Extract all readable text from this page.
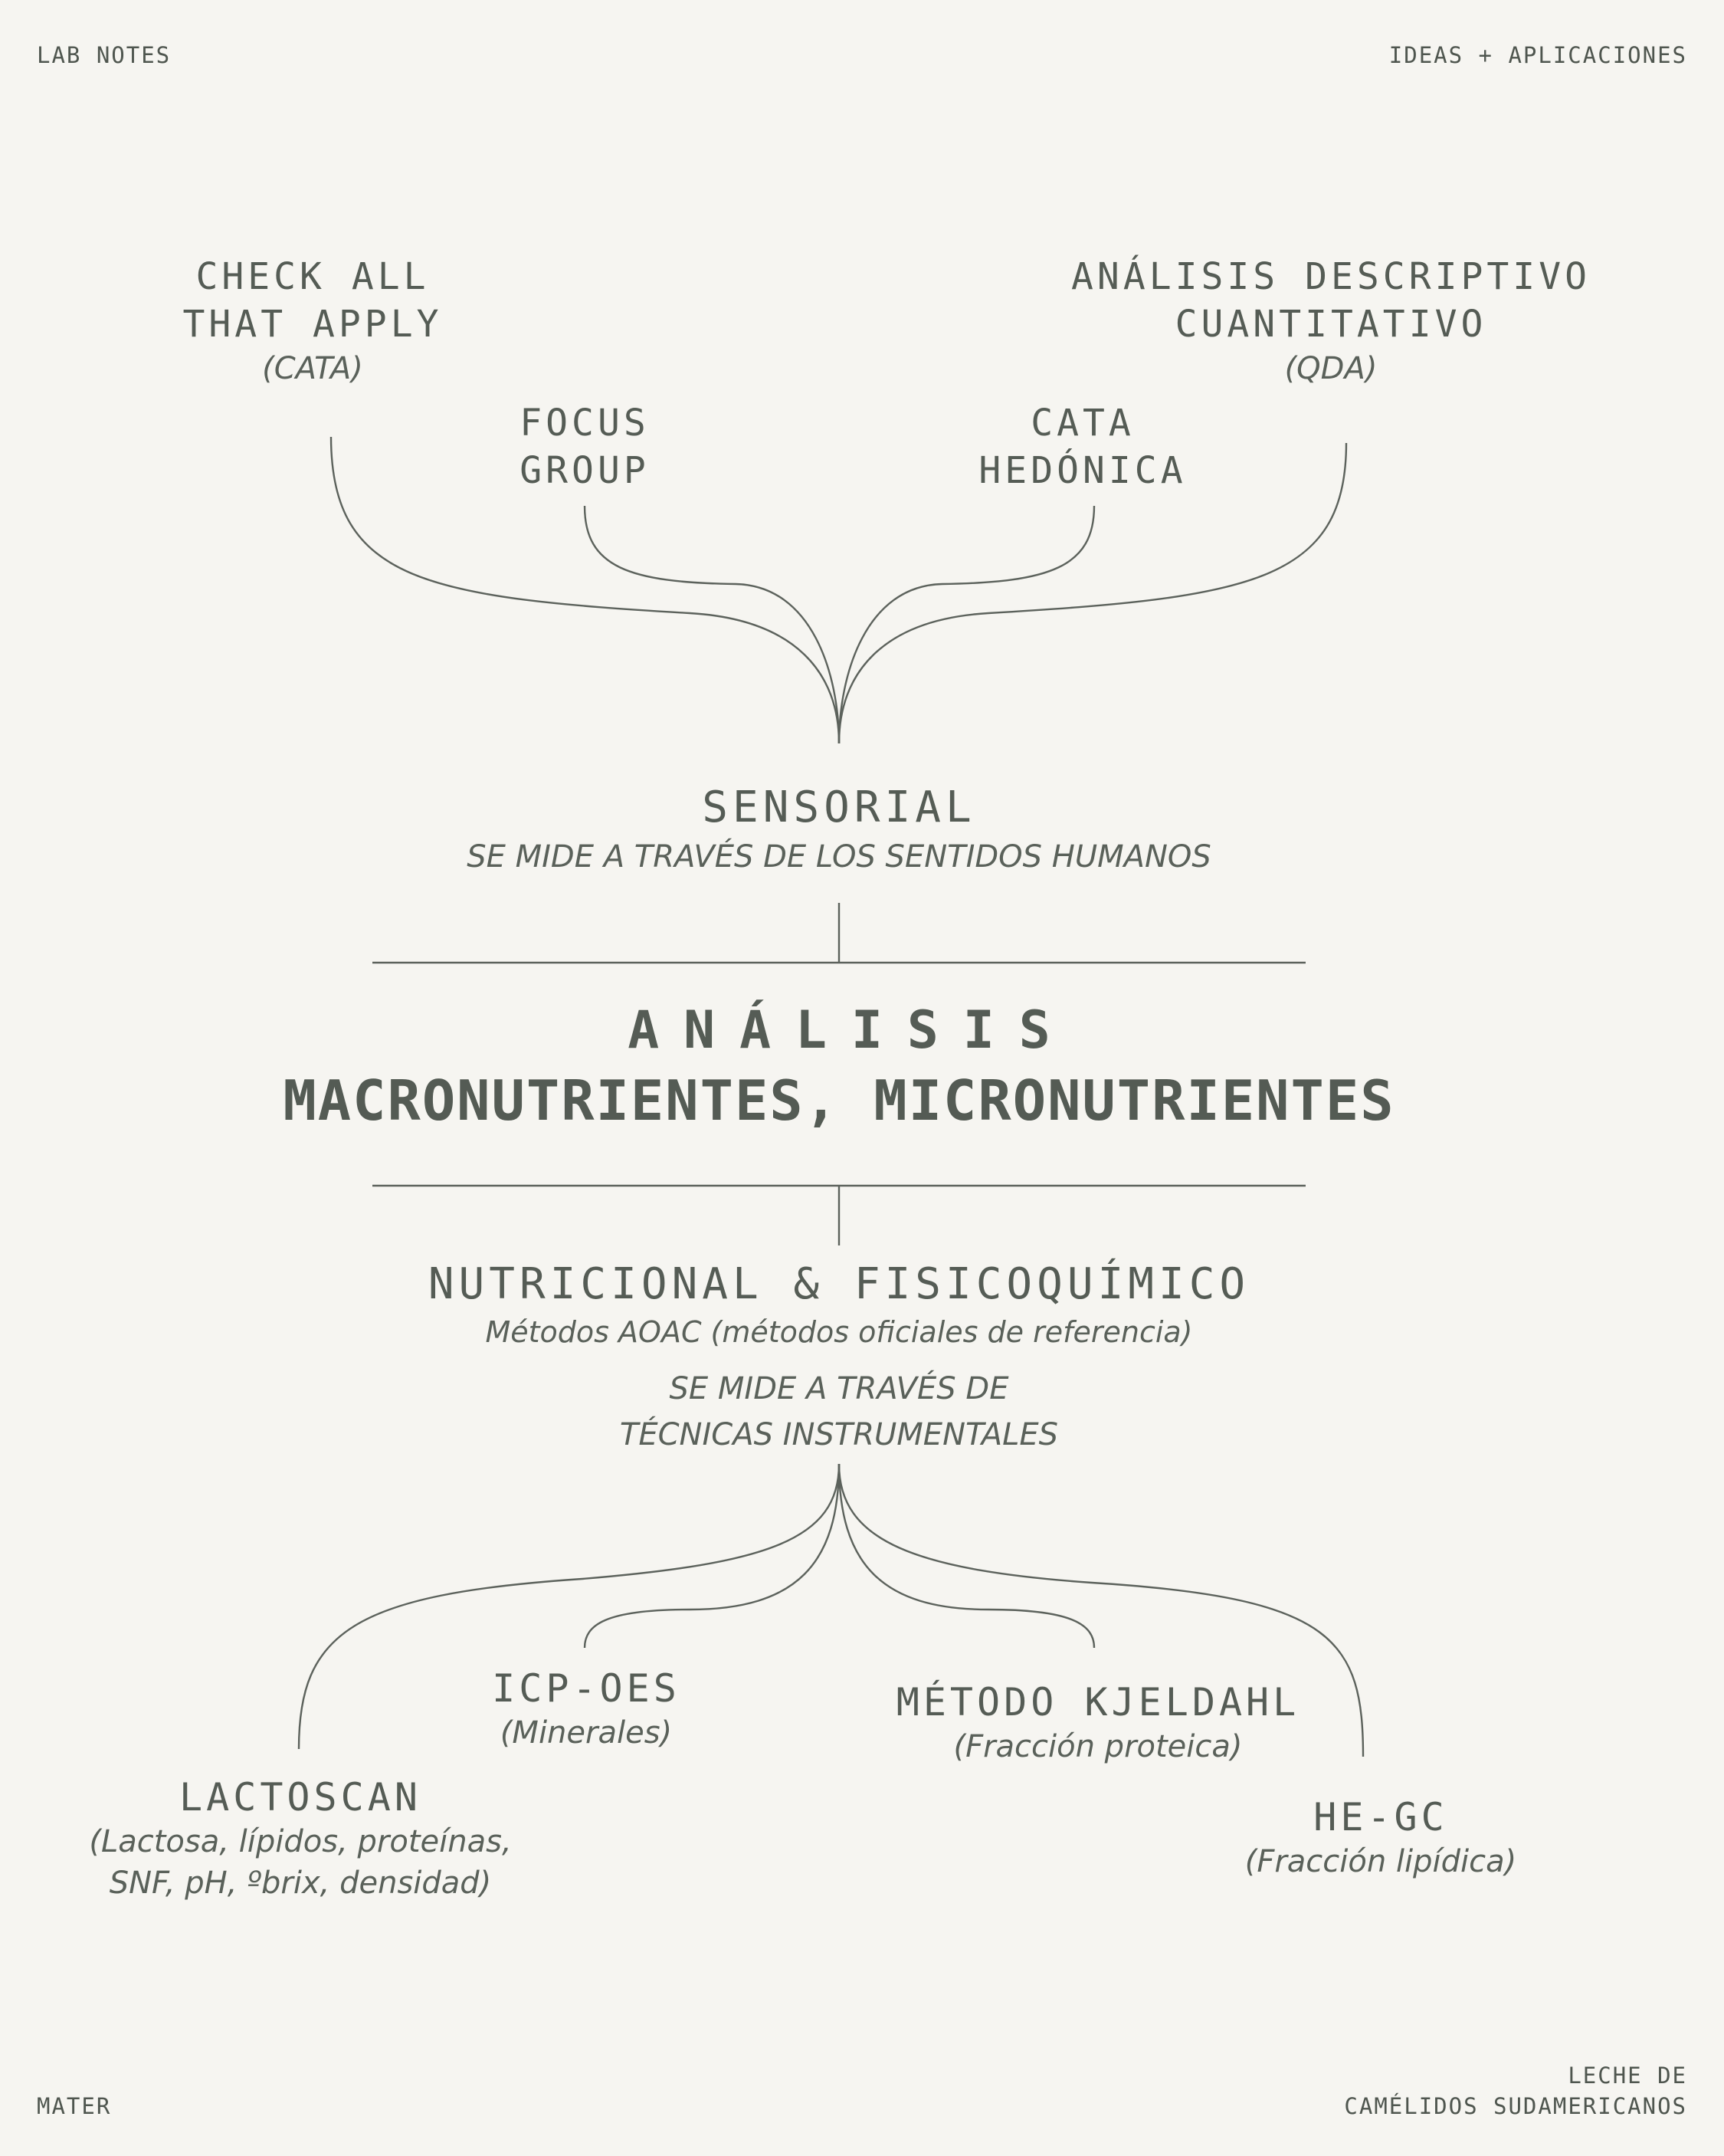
LAB NOTES	IDEAS + APLICACIONES
MATER
LECHE DE
CAMÉLIDOS SUDAMERICANOS
CHECK ALL
THAT APPLY
(CATA)
FOCUS
GROUP
CATA
HEDÓNICA
ANÁLISIS DESCRIPTIVO
CUANTITATIVO
(QDA)
SENSORIAL
SE MIDE A TRAVÉS DE LOS SENTIDOS HUMANOS
ANÁLISIS
MACRONUTRIENTES, MICRONUTRIENTES
NUTRICIONAL & FISICOQUÍMICO
Métodos AOAC (métodos oficiales de referencia)
SE MIDE A TRAVÉS DE
TÉCNICAS INSTRUMENTALES
LACTOSCAN
(Lactosa, lípidos, proteínas,
SNF, pH, ºbrix, densidad)
ICP-OES
(Minerales)
MÉTODO KJELDAHL
(Fracción proteica)
HE-GC
(Fracción lipídica)
